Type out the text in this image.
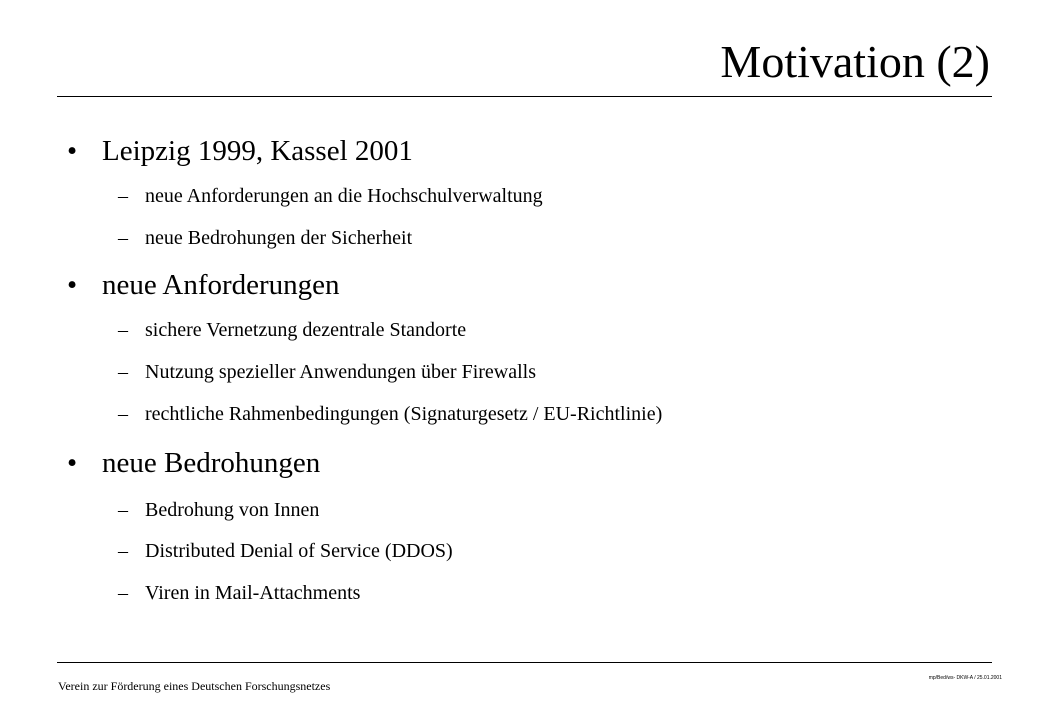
Motivation (2)
• Leipzig 1999, Kassel 2001
– neue Anforderungen an die Hochschulverwaltung
– neue Bedrohungen der Sicherheit
• neue Anforderungen
– sichere Vernetzung dezentrale Standorte
– Nutzung spezieller Anwendungen über Firewalls
– rechtliche Rahmenbedingungen (Signaturgesetz / EU-Richtlinie)
• neue Bedrohungen
– Bedrohung von Innen
– Distributed Denial of Service (DDOS)
– Viren in Mail-Attachments
Verein zur Förderung eines Deutschen Forschungsnetzes
mp/Bed/ws- DKW-A / 25.01.2001
